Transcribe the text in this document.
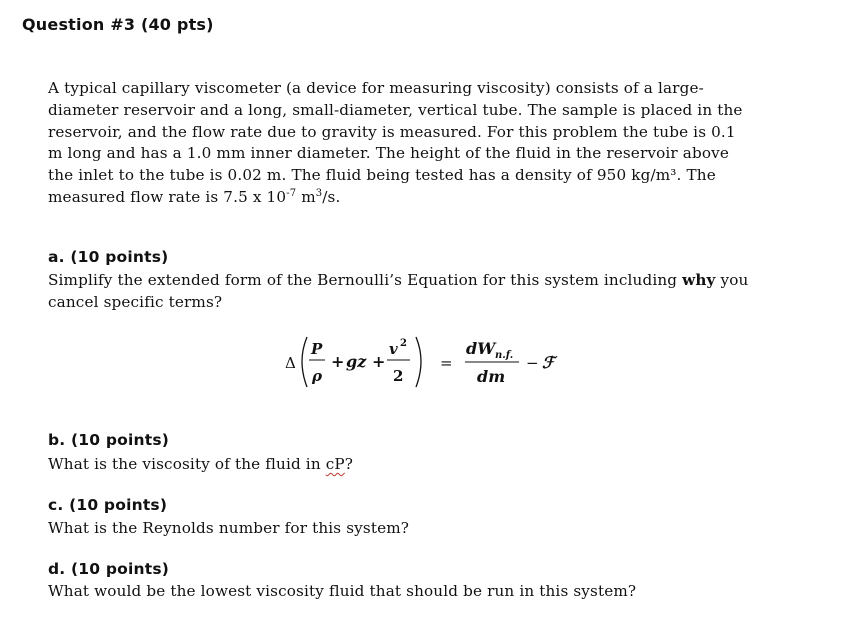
Question #3 (40 pts)
A typical capillary viscometer (a device for measuring viscosity) consists of a large-
diameter reservoir and a long, small-diameter, vertical tube. The sample is placed in the
reservoir, and the flow rate due to gravity is measured. For this problem the tube is 0.1
m long and has a 1.0 mm inner diameter. The height of the fluid in the reservoir above
the inlet to the tube is 0.02 m. The fluid being tested has a density of 950 kg/m³. The
measured flow rate is 7.5 x $10^{-7}$ $m^3/s$.
a. (10 points)
Simplify the extended form of the Bernoulli’s Equation for this system including why you
cancel specific terms?
Δ
P
ρ
+ gz +
v 2
2
=
dW n.f.
dm
− ℱ
b. (10 points)
What is the viscosity of the fluid in cP?
c. (10 points)
What is the Reynolds number for this system?
d. (10 points)
What would be the lowest viscosity fluid that should be run in this system?
